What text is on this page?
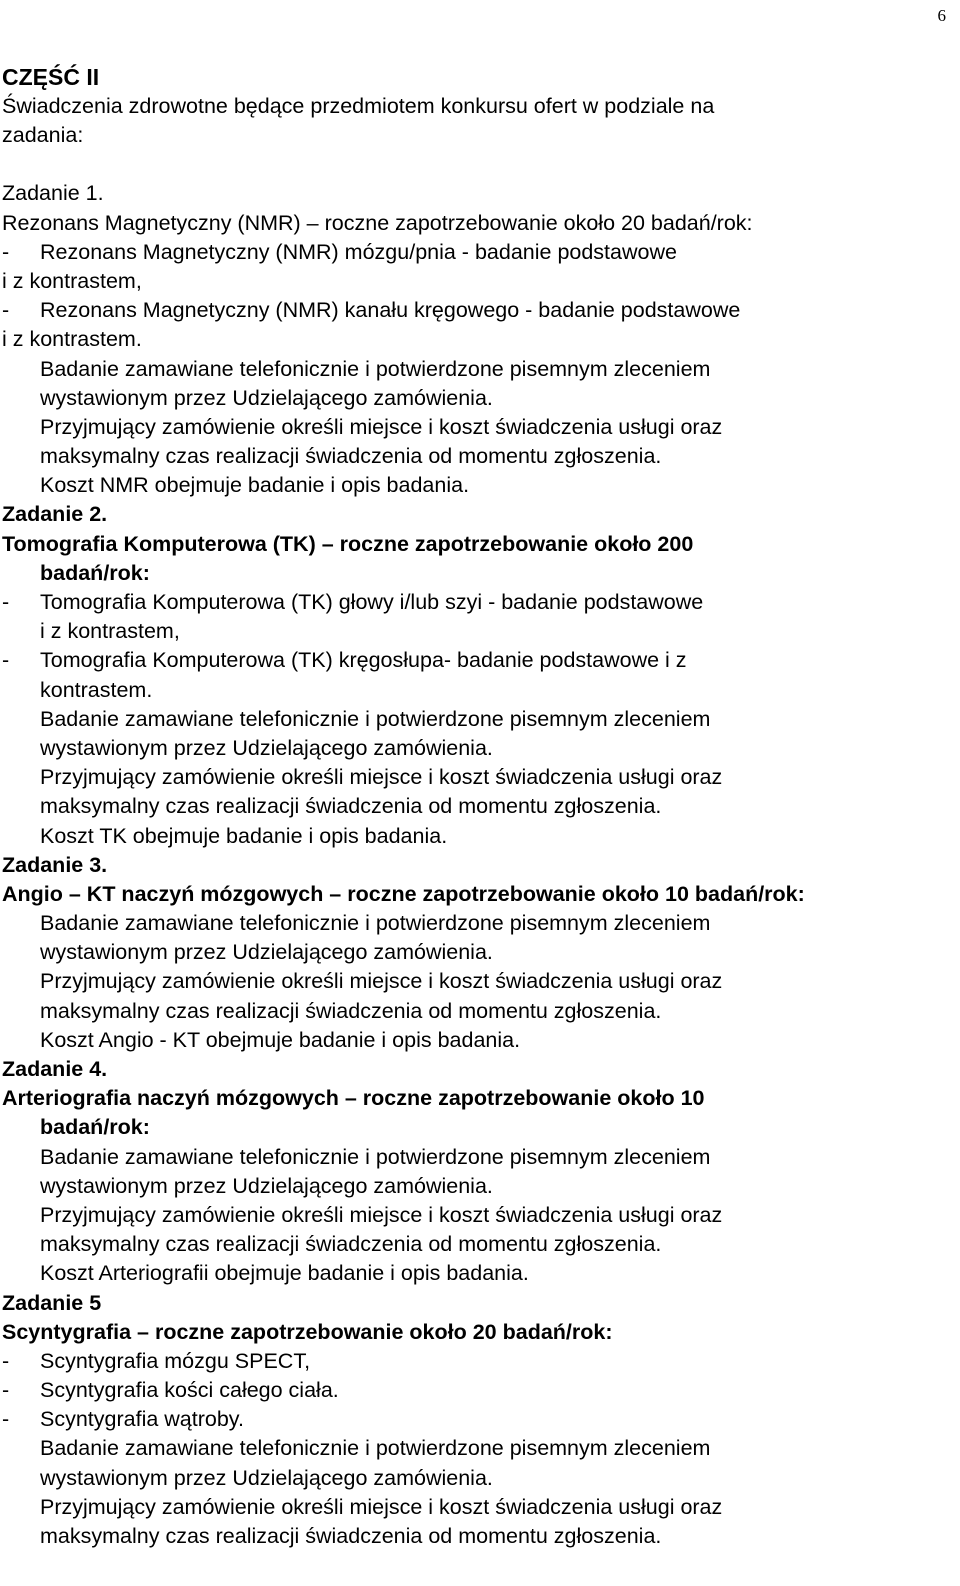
6
CZĘŚĆ II
Świadczenia zdrowotne będące przedmiotem konkursu ofert w podziale na
zadania:
Zadanie 1.
Rezonans Magnetyczny (NMR) – roczne zapotrzebowanie około 20 badań/rok:
- Rezonans Magnetyczny (NMR) mózgu/pnia - badanie podstawowe
i z kontrastem,
- Rezonans Magnetyczny (NMR) kanału kręgowego - badanie podstawowe
i z kontrastem.
Badanie zamawiane telefonicznie i potwierdzone pisemnym zleceniem
wystawionym przez Udzielającego zamówienia.
Przyjmujący zamówienie określi miejsce i koszt świadczenia usługi oraz
maksymalny czas realizacji świadczenia od momentu zgłoszenia.
Koszt NMR obejmuje badanie i opis badania.
Zadanie 2.
Tomografia Komputerowa (TK) – roczne zapotrzebowanie około 200
badań/rok:
- Tomografia Komputerowa (TK) głowy i/lub szyi - badanie podstawowe
i z kontrastem,
- Tomografia Komputerowa (TK) kręgosłupa- badanie podstawowe i z
kontrastem.
Badanie zamawiane telefonicznie i potwierdzone pisemnym zleceniem
wystawionym przez Udzielającego zamówienia.
Przyjmujący zamówienie określi miejsce i koszt świadczenia usługi oraz
maksymalny czas realizacji świadczenia od momentu zgłoszenia.
Koszt TK obejmuje badanie i opis badania.
Zadanie 3.
Angio – KT naczyń mózgowych – roczne zapotrzebowanie około 10 badań/rok:
Badanie zamawiane telefonicznie i potwierdzone pisemnym zleceniem
wystawionym przez Udzielającego zamówienia.
Przyjmujący zamówienie określi miejsce i koszt świadczenia usługi oraz
maksymalny czas realizacji świadczenia od momentu zgłoszenia.
Koszt Angio - KT obejmuje badanie i opis badania.
Zadanie 4.
Arteriografia naczyń mózgowych – roczne zapotrzebowanie około 10
badań/rok:
Badanie zamawiane telefonicznie i potwierdzone pisemnym zleceniem
wystawionym przez Udzielającego zamówienia.
Przyjmujący zamówienie określi miejsce i koszt świadczenia usługi oraz
maksymalny czas realizacji świadczenia od momentu zgłoszenia.
Koszt Arteriografii obejmuje badanie i opis badania.
Zadanie 5
Scyntygrafia – roczne zapotrzebowanie około 20 badań/rok:
- Scyntygrafia mózgu SPECT,
- Scyntygrafia kości całego ciała.
- Scyntygrafia wątroby.
Badanie zamawiane telefonicznie i potwierdzone pisemnym zleceniem
wystawionym przez Udzielającego zamówienia.
Przyjmujący zamówienie określi miejsce i koszt świadczenia usługi oraz
maksymalny czas realizacji świadczenia od momentu zgłoszenia.
